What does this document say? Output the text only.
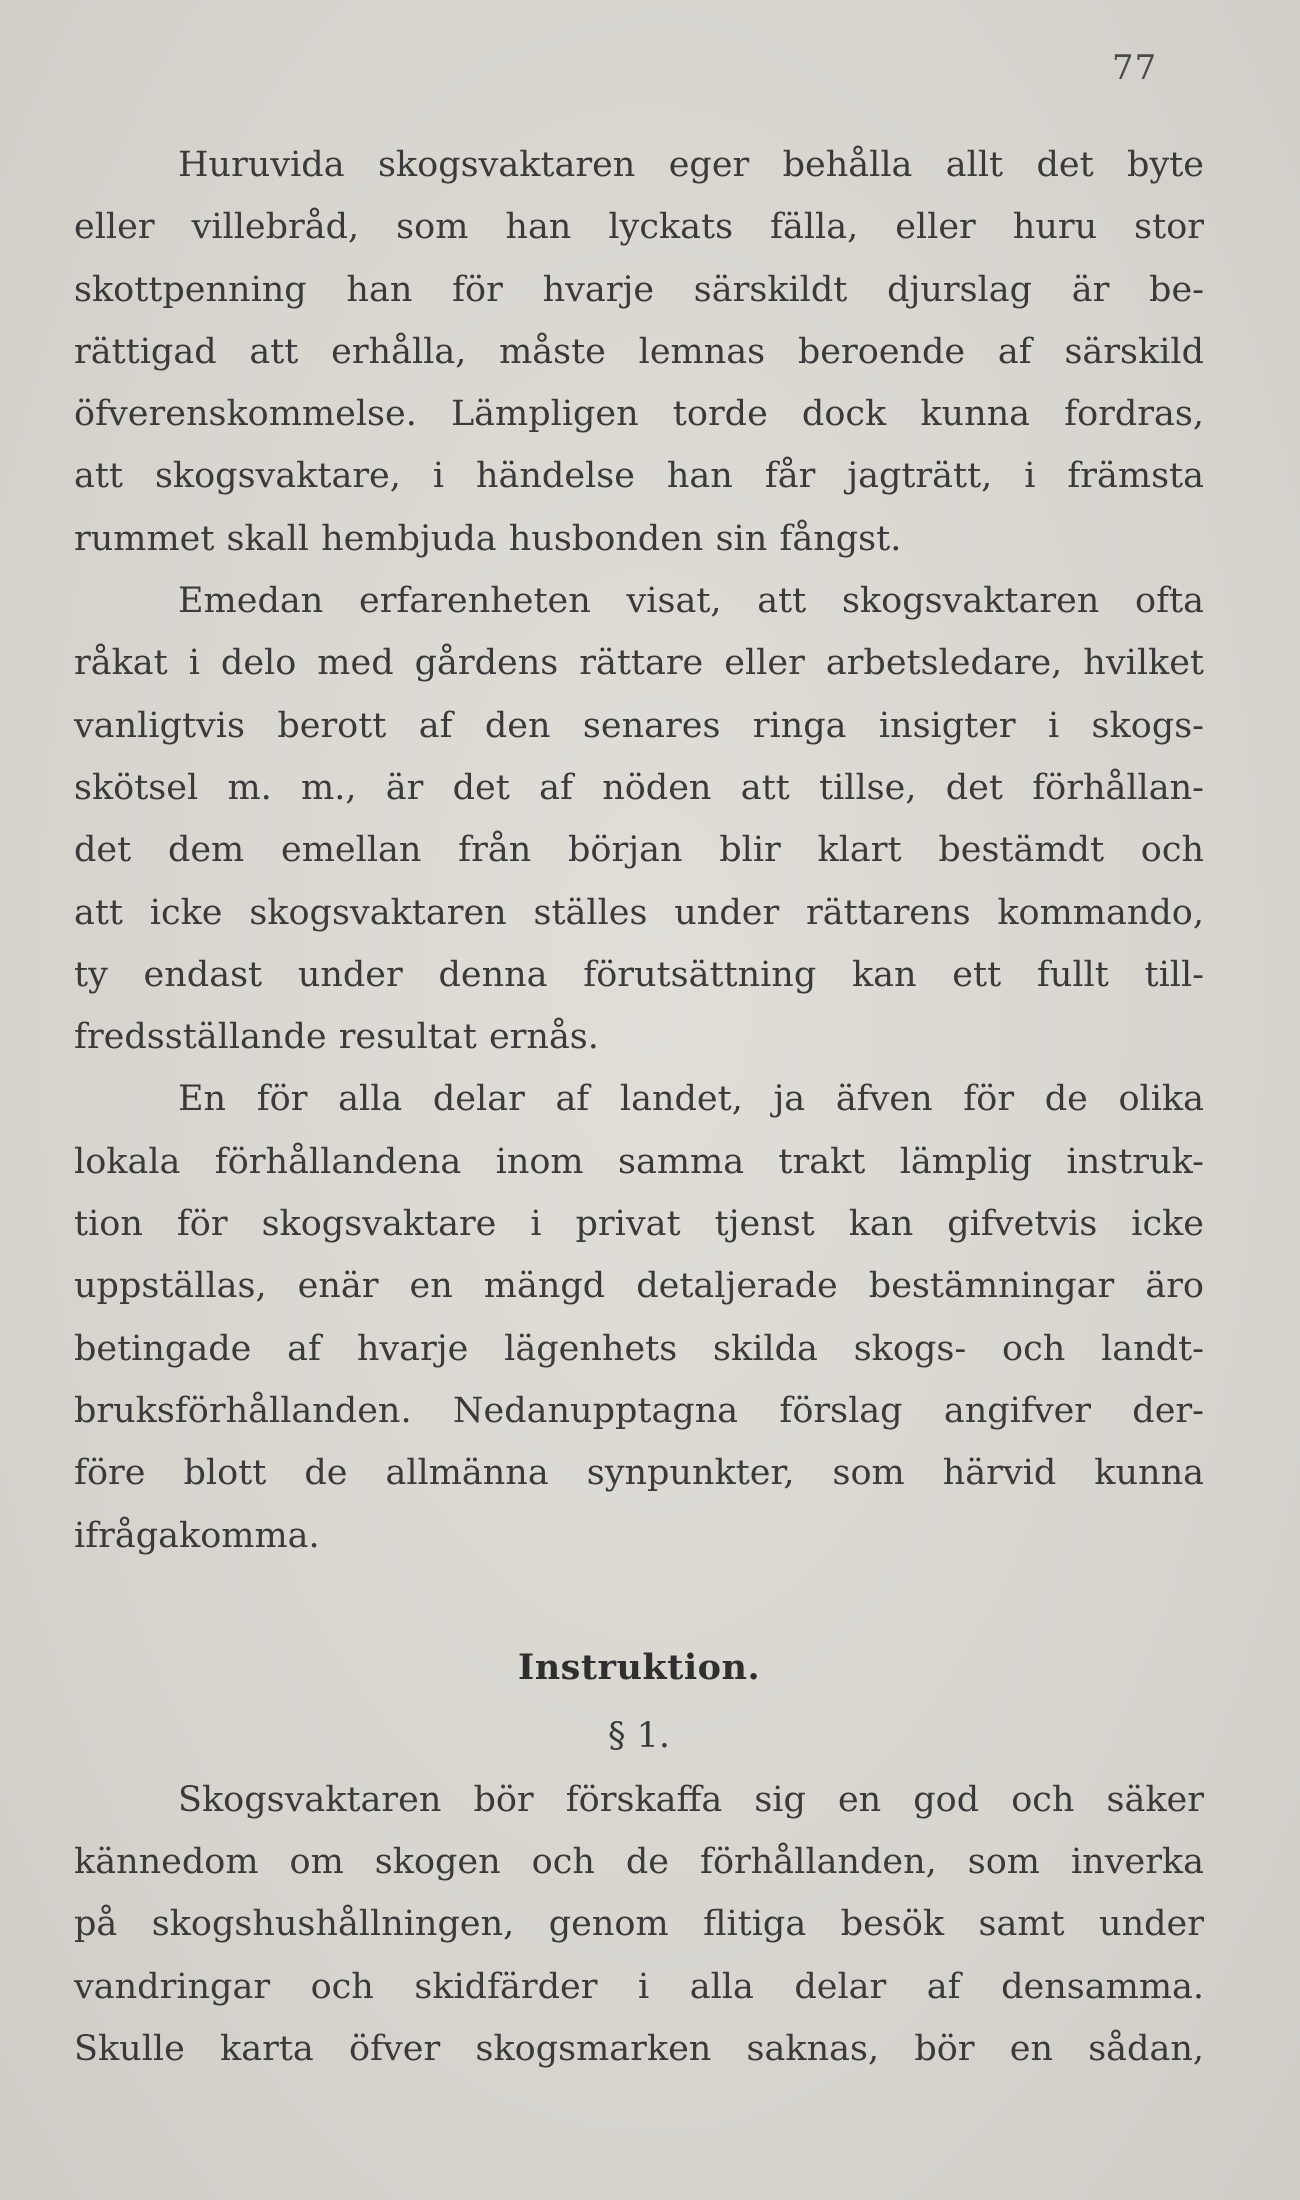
77
Huruvida skogsvaktaren eger behålla allt det byte
eller villebråd, som han lyckats fälla, eller huru stor
skottpenning han för hvarje särskildt djurslag är be-
rättigad att erhålla, måste lemnas beroende af särskild
öfverenskommelse. Lämpligen torde dock kunna fordras,
att skogsvaktare, i händelse han får jagträtt, i främsta
rummet skall hembjuda husbonden sin fångst.
Emedan erfarenheten visat, att skogsvaktaren ofta
råkat i delo med gårdens rättare eller arbetsledare, hvilket
vanligtvis berott af den senares ringa insigter i skogs-
skötsel m. m., är det af nöden att tillse, det förhållan-
det dem emellan från början blir klart bestämdt och
att icke skogsvaktaren ställes under rättarens kommando,
ty endast under denna förutsättning kan ett fullt till-
fredsställande resultat ernås.
En för alla delar af landet, ja äfven för de olika
lokala förhållandena inom samma trakt lämplig instruk-
tion för skogsvaktare i privat tjenst kan gifvetvis icke
uppställas, enär en mängd detaljerade bestämningar äro
betingade af hvarje lägenhets skilda skogs- och landt-
bruksförhållanden. Nedanupptagna förslag angifver der-
före blott de allmänna synpunkter, som härvid kunna
ifrågakomma.
Instruktion.
§ 1.
Skogsvaktaren bör förskaffa sig en god och säker
kännedom om skogen och de förhållanden, som inverka
på skogshushållningen, genom flitiga besök samt under
vandringar och skidfärder i alla delar af densamma.
Skulle karta öfver skogsmarken saknas, bör en sådan,
